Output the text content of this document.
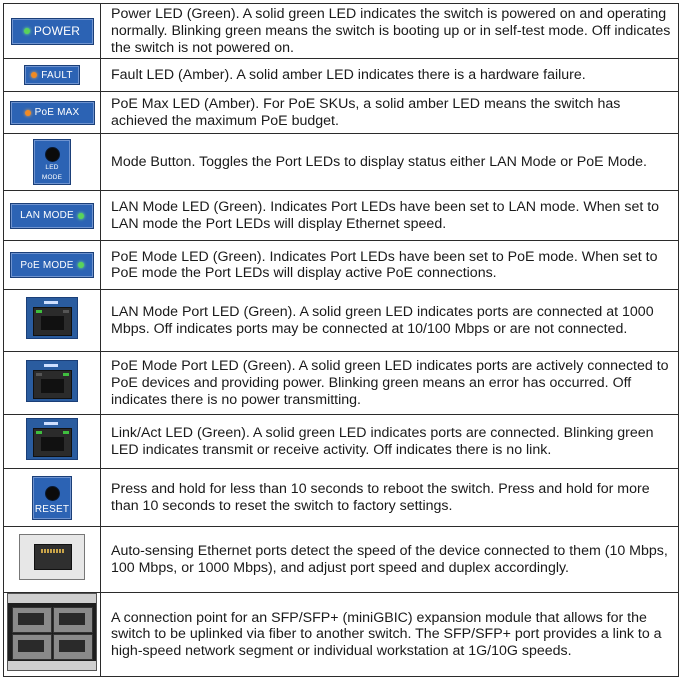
POWER	Power LED (Green). A solid green LED indicates the switch is powered on and operating normally. Blinking green means the switch is booting up or in self-test mode. Off indicates the switch is not powered on.

FAULT	Fault LED (Amber). A solid amber LED indicates there is a hardware failure.

PoE MAX	PoE Max LED (Amber). For PoE SKUs, a solid amber LED means the switch has achieved the maximum PoE budget.

LED
MODE	Mode Button. Toggles the Port LEDs to display status either LAN Mode or PoE Mode.

LAN MODE	LAN Mode LED (Green). Indicates Port LEDs have been set to LAN mode. When set to LAN mode the Port LEDs will display Ethernet speed.

PoE MODE	PoE Mode LED (Green). Indicates Port LEDs have been set to PoE mode. When set to PoE mode the Port LEDs will display active PoE connections.

	LAN Mode Port LED (Green). A solid green LED indicates ports are connected at 1000 Mbps. Off indicates ports may be connected at 10/100 Mbps or are not connected.

	PoE Mode Port LED (Green). A solid green LED indicates ports are actively connected to PoE devices and providing power. Blinking green means an error has occurred. Off indicates there is no power transmitting.

	Link/Act LED (Green). A solid green LED indicates ports are connected. Blinking green LED indicates transmit or receive activity. Off indicates there is no link.

RESET	Press and hold for less than 10 seconds to reboot the switch. Press and hold for more than 10 seconds to reset the switch to factory settings.

	Auto-sensing Ethernet ports detect the speed of the device connected to them (10 Mbps, 100 Mbps, or 1000 Mbps), and adjust port speed and duplex accordingly.

	A connection point for an SFP/SFP+ (miniGBIC) expansion module that allows for the switch to be uplinked via fiber to another switch. The SFP/SFP+ port provides a link to a high-speed network segment or individual workstation at 1G/10G speeds.
